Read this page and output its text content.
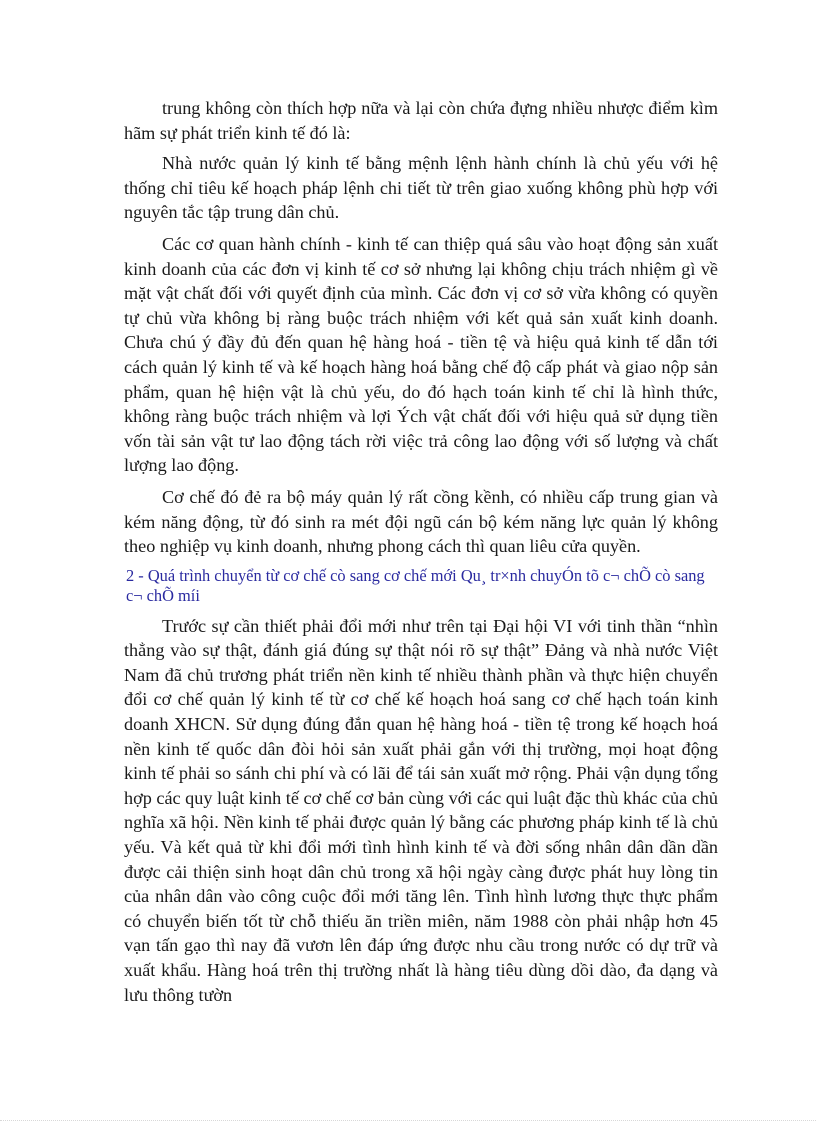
trung không còn thích hợp nữa và lại còn chứa đựng nhiều nhược điểm kìm hãm sự phát triển kinh tế đó là:

Nhà nước quản lý kinh tế bằng mệnh lệnh hành chính là chủ yếu với hệ thống chỉ tiêu kế hoạch pháp lệnh chi tiết từ trên giao xuống không phù hợp với nguyên tắc tập trung dân chủ.

Các cơ quan hành chính - kinh tế can thiệp quá sâu vào hoạt động sản xuất kinh doanh của các đơn vị kinh tế cơ sở nhưng lại không chịu trách nhiệm gì về mặt vật chất đối với quyết định của mình. Các đơn vị cơ sở vừa không có quyền tự chủ vừa không bị ràng buộc trách nhiệm với kết quả sản xuất kinh doanh. Chưa chú ý đầy đủ đến quan hệ hàng hoá - tiền tệ và hiệu quả kinh tế dẫn tới cách quản lý kinh tế và kế hoạch hàng hoá bằng chế độ cấp phát và giao nộp sản phẩm, quan hệ hiện vật là chủ yếu, do đó hạch toán kinh tế chỉ là hình thức, không ràng buộc trách nhiệm và lợi Ých vật chất đối với hiệu quả sử dụng tiền vốn tài sản vật tư lao động tách rời việc trả công lao động với số lượng và chất lượng lao động.

Cơ chế đó đẻ ra bộ máy quản lý rất cồng kềnh, có nhiều cấp trung gian và kém năng động, từ đó sinh ra mét đội ngũ cán bộ kém năng lực quản lý không theo nghiệp vụ kinh doanh, nhưng phong cách thì quan liêu cửa quyền.

2 - Quá trình chuyển từ cơ chế cò sang cơ chế mới Qu¸ tr×nh chuyÓn tõ c¬ chÕ cò sang c¬ chÕ míi

Trước sự cần thiết phải đổi mới như trên tại Đại hội VI với tinh thần “nhìn thẳng vào sự thật, đánh giá đúng sự thật nói rõ sự thật” Đảng và nhà nước Việt Nam đã chủ trương phát triển nền kinh tế nhiều thành phần và thực hiện chuyển đổi cơ chế quản lý kinh tế từ cơ chế kế hoạch hoá sang cơ chế hạch toán kinh doanh XHCN. Sử dụng đúng đắn quan hệ hàng hoá - tiền tệ trong kế hoạch hoá nền kinh tế quốc dân đòi hỏi sản xuất phải gắn với thị trường, mọi hoạt động kinh tế phải so sánh chi phí và có lãi để tái sản xuất mở rộng. Phải vận dụng tổng hợp các quy luật kinh tế cơ chế cơ bản cùng với các qui luật đặc thù khác của chủ nghĩa xã hội. Nền kinh tế phải được quản lý bằng các phương pháp kinh tế là chủ yếu. Và kết quả từ khi đổi mới tình hình kinh tế và đời sống nhân dân dần dần được cải thiện sinh hoạt dân chủ trong xã hội ngày càng được phát huy lòng tin của nhân dân vào công cuộc đổi mới tăng lên. Tình hình lương thực thực phẩm có chuyển biến tốt từ chỗ thiếu ăn triền miên, năm 1988 còn phải nhập hơn 45 vạn tấn gạo thì nay đã vươn lên đáp ứng được nhu cầu trong nước có dự trữ và xuất khẩu. Hàng hoá trên thị trường nhất là hàng tiêu dùng dồi dào, đa dạng và lưu thông tườn
